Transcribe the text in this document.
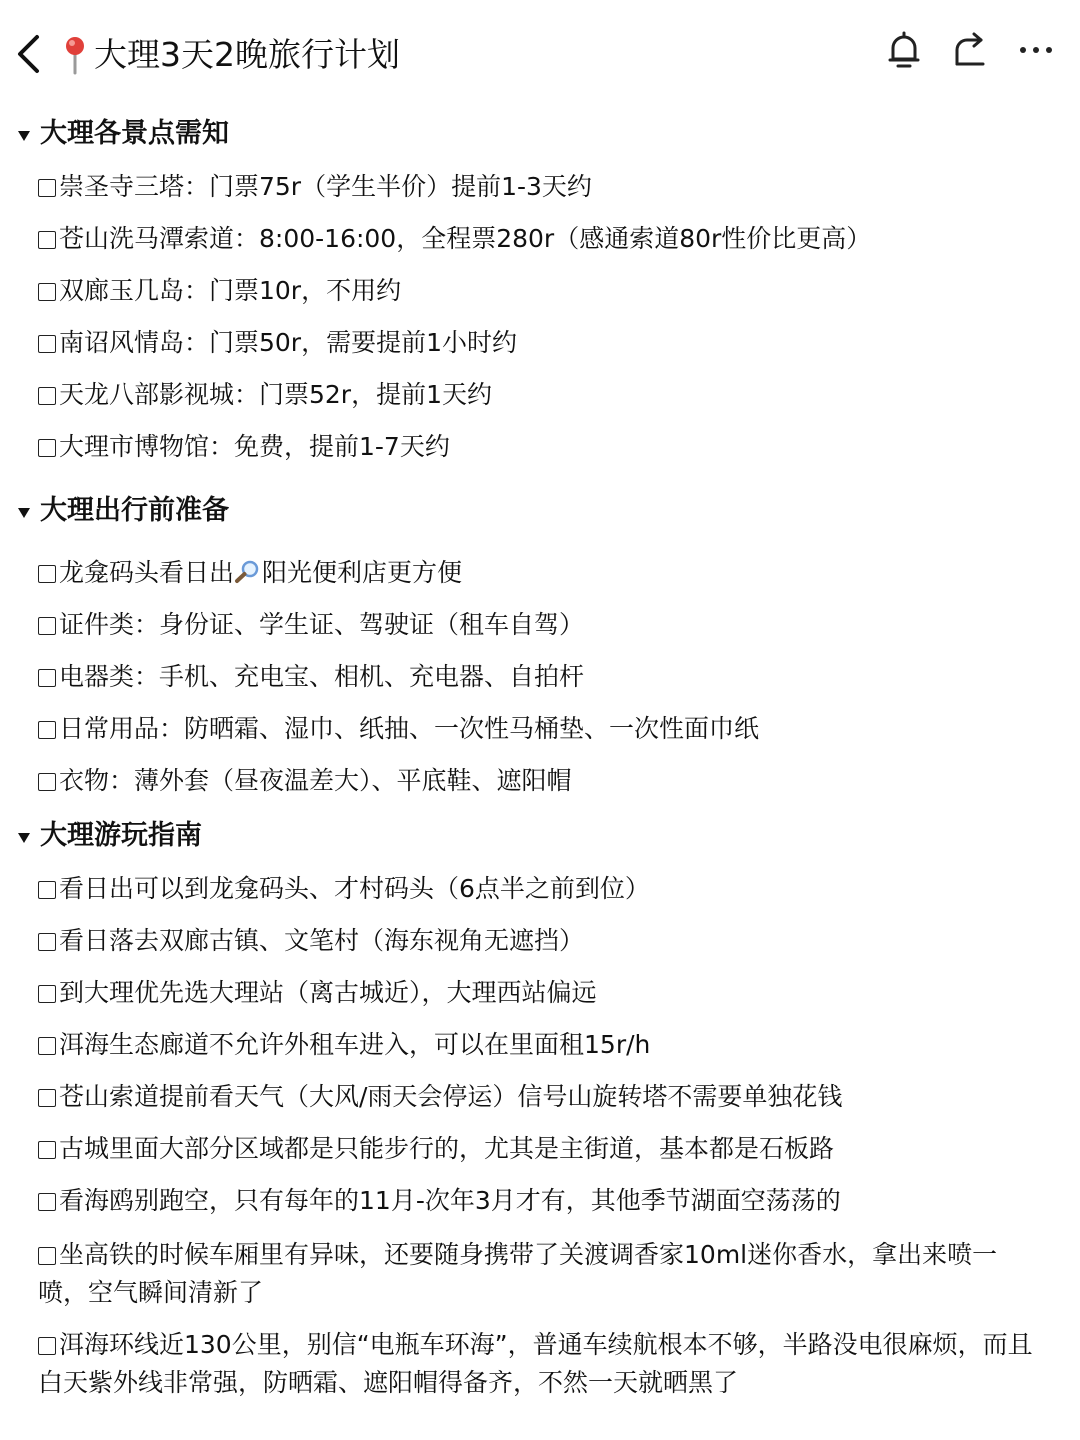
大理3天2晚旅行计划
大理各景点需知
崇圣寺三塔：门票75r（学生半价）提前1-3天约
苍山洗马潭索道：8:00-16:00，全程票280r（感通索道80r性价比更高）
双廊玉几岛：门票10r，不用约
南诏风情岛：门票50r，需要提前1小时约
天龙八部影视城：门票52r，提前1天约
大理市博物馆：免费，提前1-7天约
大理出行前准备
龙龛码头看日出 阳光便利店更方便
证件类：身份证、学生证、驾驶证（租车自驾）
电器类：手机、充电宝、相机、充电器、自拍杆
日常用品：防晒霜、湿巾、纸抽、一次性马桶垫、一次性面巾纸
衣物：薄外套（昼夜温差大）、平底鞋、遮阳帽
大理游玩指南
看日出可以到龙龛码头、才村码头（6点半之前到位）
看日落去双廊古镇、文笔村（海东视角无遮挡）
到大理优先选大理站（离古城近），大理西站偏远
洱海生态廊道不允许外租车进入，可以在里面租15r/h
苍山索道提前看天气（大风/雨天会停运）信号山旋转塔不需要单独花钱
古城里面大部分区域都是只能步行的，尤其是主街道，基本都是石板路
看海鸥别跑空，只有每年的11月-次年3月才有，其他季节湖面空荡荡的
坐高铁的时候车厢里有异味，还要随身携带了关渡调香家10ml迷你香水，拿出来喷一喷，空气瞬间清新了
洱海环线近130公里，别信“电瓶车环海”，普通车续航根本不够，半路没电很麻烦，而且白天紫外线非常强，防晒霜、遮阳帽得备齐，不然一天就晒黑了
